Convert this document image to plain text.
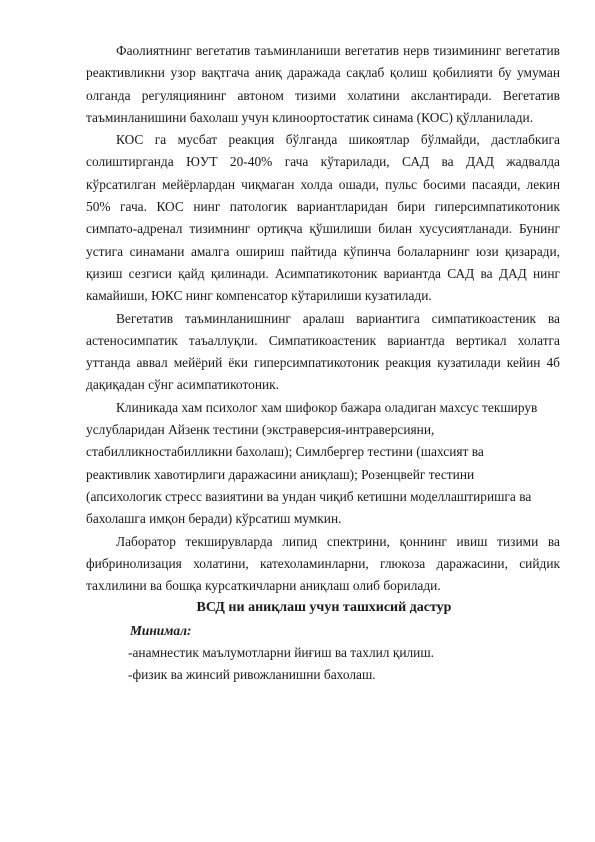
Фаолиятнинг вегетатив таъминланиши вегетатив нерв тизимининг вегетатив реактивликни узор вақтгача аниқ даражада сақлаб қолиш қобилияти бу умуман олганда регуляциянинг автоном тизими холатини акслантиради. Вегетатив таъминланишини бахолаш учун клиноортостатик синама (КОС) қўлланилади.

КОС га мусбат реакция бўлганда шикоятлар бўлмайди, дастлабкига солиштирганда ЮУТ 20-40% гача кўтарилади, САД ва ДАД жадвалда кўрсатилган мейёрлардан чиқмаган холда ошади, пульс босими пасаяди, лекин 50% гача. КОС нинг патологик вариантларидан бири гиперсимпатикотоник симпато-адренал тизимнинг ортиқча қўшилиши билан хусусиятланади. Бунинг устига синамани амалга ошириш пайтида кўпинча болаларнинг юзи қизаради, қизиш сезгиси қайд қилинади. Асимпатикотоник вариантда САД ва ДАД нинг камайиши, ЮКС нинг компенсатор кўтарилиши кузатилади.

Вегетатив таъминланишнинг аралаш вариантига симпатикоастеник ва астеносимпатик таъаллуқли. Симпатикоастеник вариантда вертикал холатга уттанда аввал мейёрий ёки гиперсимпатикотоник реакция кузатилади кейин 4б дақиқадан сўнг асимпатикотоник.

Клиникада хам психолог хам шифокор бажара оладиган махсус текширув
услубларидан Айзенк тестини (экстраверсия-интраверсияни,
стабилликностабилликни бахолаш); Симлбергер тестини (шахсият ва
реактивлик хавотирлиги даражасини аниқлаш); Розенцвейг тестини
(апсихологик стресс вазиятини ва ундан чиқиб кетишни моделлаштиришга ва
бахолашга имқон беради) кўрсатиш мумкин.

Лаборатор текширувларда липид спектрини, қоннинг ивиш тизими ва фибринолизация холатини, катехоламинларни, глюкоза даражасини, сийдик тахлилини ва бошқа курсаткичларни аниқлаш олиб борилади.

ВСД ни аниқлаш учун ташхисий дастур
Минимал:
-анамнестик маълумотларни йиғиш ва тахлил қилиш.
-физик ва жинсий ривожланишни бахолаш.
